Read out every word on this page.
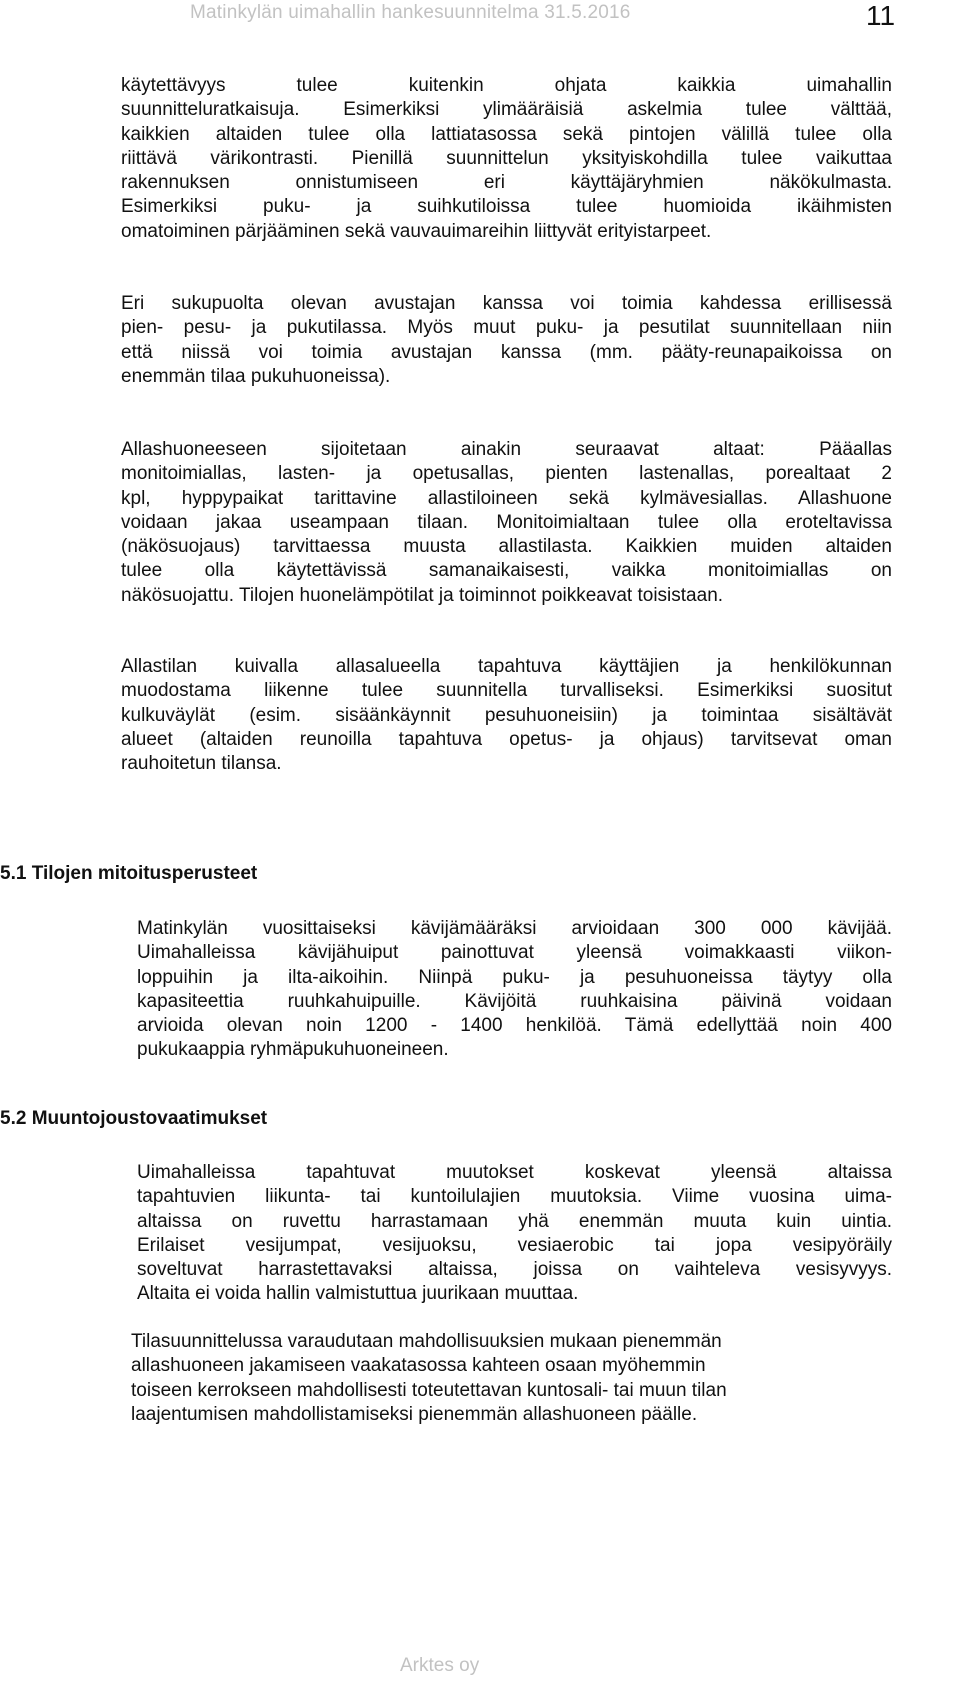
Matinkylän uimahallin hankesuunnitelma 31.5.2016	11
käytettävyys tulee kuitenkin ohjata kaikkia uimahallin
suunnitteluratkaisuja. Esimerkiksi ylimääräisiä askelmia tulee välttää,
kaikkien altaiden tulee olla lattiatasossa sekä pintojen välillä tulee olla
riittävä värikontrasti. Pienillä suunnittelun yksityiskohdilla tulee vaikuttaa
rakennuksen onnistumiseen eri käyttäjäryhmien näkökulmasta.
Esimerkiksi puku- ja suihkutiloissa tulee huomioida ikäihmisten
omatoiminen pärjääminen sekä vauvauimareihin liittyvät erityistarpeet.
Eri sukupuolta olevan avustajan kanssa voi toimia kahdessa erillisessä
pien- pesu- ja pukutilassa. Myös muut puku- ja pesutilat suunnitellaan niin
että niissä voi toimia avustajan kanssa (mm. pääty-reunapaikoissa on
enemmän tilaa pukuhuoneissa).
Allashuoneeseen sijoitetaan ainakin seuraavat altaat: Pääallas
monitoimiallas, lasten- ja opetusallas, pienten lastenallas, porealtaat 2
kpl, hyppypaikat tarittavine allastiloineen sekä kylmävesiallas. Allashuone
voidaan jakaa useampaan tilaan. Monitoimialtaan tulee olla eroteltavissa
(näkösuojaus) tarvittaessa muusta allastilasta. Kaikkien muiden altaiden
tulee olla käytettävissä samanaikaisesti, vaikka monitoimiallas on
näkösuojattu. Tilojen huonelämpötilat ja toiminnot poikkeavat toisistaan.
Allastilan kuivalla allasalueella tapahtuva käyttäjien ja henkilökunnan
muodostama liikenne tulee suunnitella turvalliseksi. Esimerkiksi suositut
kulkuväylät (esim. sisäänkäynnit pesuhuoneisiin) ja toimintaa sisältävät
alueet (altaiden reunoilla tapahtuva opetus- ja ohjaus) tarvitsevat oman
rauhoitetun tilansa.
5.1 Tilojen mitoitusperusteet
Matinkylän vuosittaiseksi kävijämääräksi arvioidaan 300 000 kävijää.
Uimahalleissa kävijähuiput painottuvat yleensä voimakkaasti viikon-
loppuihin ja ilta-aikoihin. Niinpä puku- ja pesuhuoneissa täytyy olla
kapasiteettia ruuhkahuipuille. Kävijöitä ruuhkaisina päivinä voidaan
arvioida olevan noin 1200 - 1400 henkilöä. Tämä edellyttää noin 400
pukukaappia ryhmäpukuhuoneineen.
5.2 Muuntojoustovaatimukset
Uimahalleissa tapahtuvat muutokset koskevat yleensä altaissa
tapahtuvien liikunta- tai kuntoilulajien muutoksia. Viime vuosina uima-
altaissa on ruvettu harrastamaan yhä enemmän muuta kuin uintia.
Erilaiset vesijumpat, vesijuoksu, vesiaerobic tai jopa vesipyöräily
soveltuvat harrastettavaksi altaissa, joissa on vaihteleva vesisyvyys.
Altaita ei voida hallin valmistuttua juurikaan muuttaa.
Tilasuunnittelussa varaudutaan mahdollisuuksien mukaan pienemmän
allashuoneen jakamiseen vaakatasossa kahteen osaan myöhemmin
toiseen kerrokseen mahdollisesti toteutettavan kuntosali- tai muun tilan
laajentumisen mahdollistamiseksi pienemmän allashuoneen päälle.
Arktes oy
